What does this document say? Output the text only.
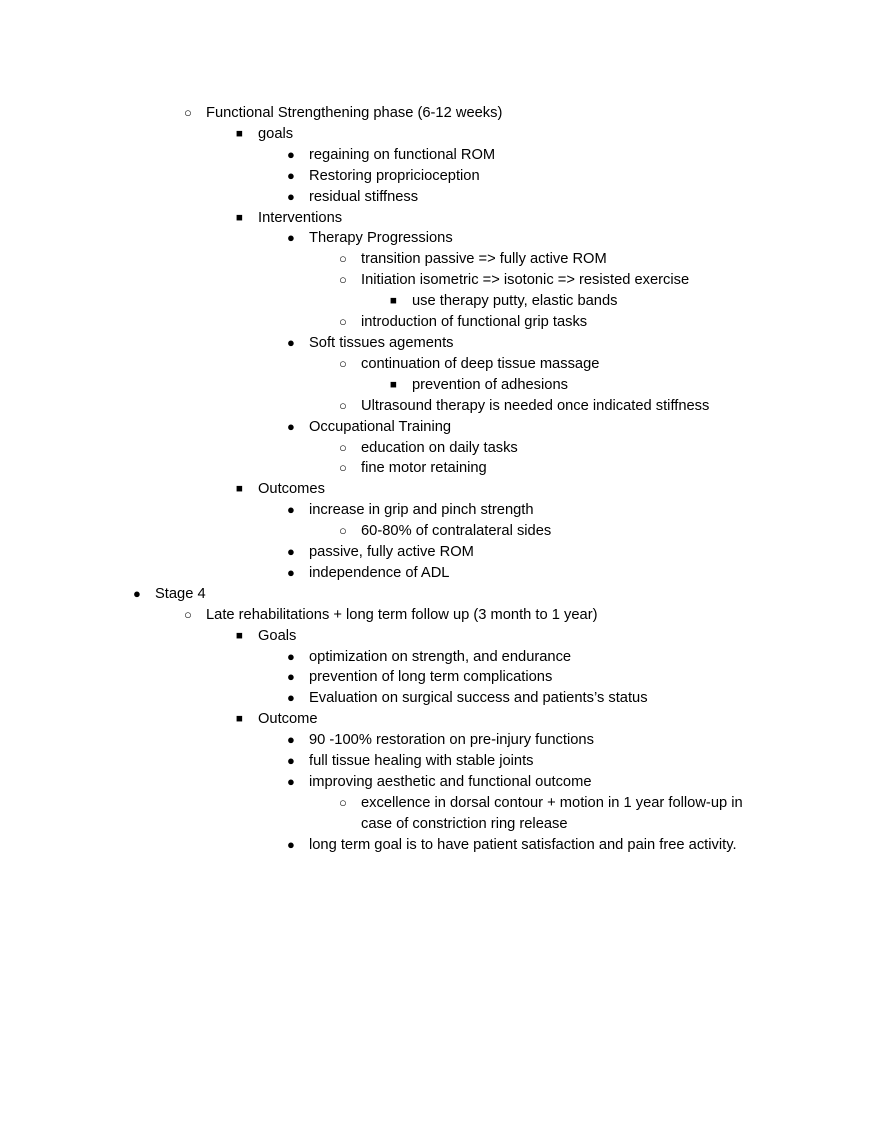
○ Functional Strengthening phase (6-12 weeks)
■	goals
● regaining on functional ROM
● Restoring propricioception
● residual stiffness
■	Interventions
● Therapy Progressions
○ transition passive => fully active ROM
○ Initiation isometric => isotonic => resisted exercise
■	use therapy putty, elastic bands
○ introduction of functional grip tasks
● Soft tissues agements
○ continuation of deep tissue massage
■	prevention of adhesions
○ Ultrasound therapy is needed once indicated stiffness
● Occupational Training
○ education on daily tasks
○ fine motor retaining
■	Outcomes
● increase in grip and pinch strength
○ 60-80% of contralateral sides
● passive, fully active ROM
● independence of ADL
● Stage 4
○ Late rehabilitations + long term follow up (3 month to 1 year)
■	Goals
● optimization on strength, and endurance
● prevention of long term complications
● Evaluation on surgical success and patients’s status
■	Outcome
● 90 -100% restoration on pre-injury functions
● full tissue healing with stable joints
● improving aesthetic and functional outcome
○ excellence in dorsal contour + motion in 1 year follow-up in case of constriction ring release
● long term goal is to have patient satisfaction and pain free activity.
